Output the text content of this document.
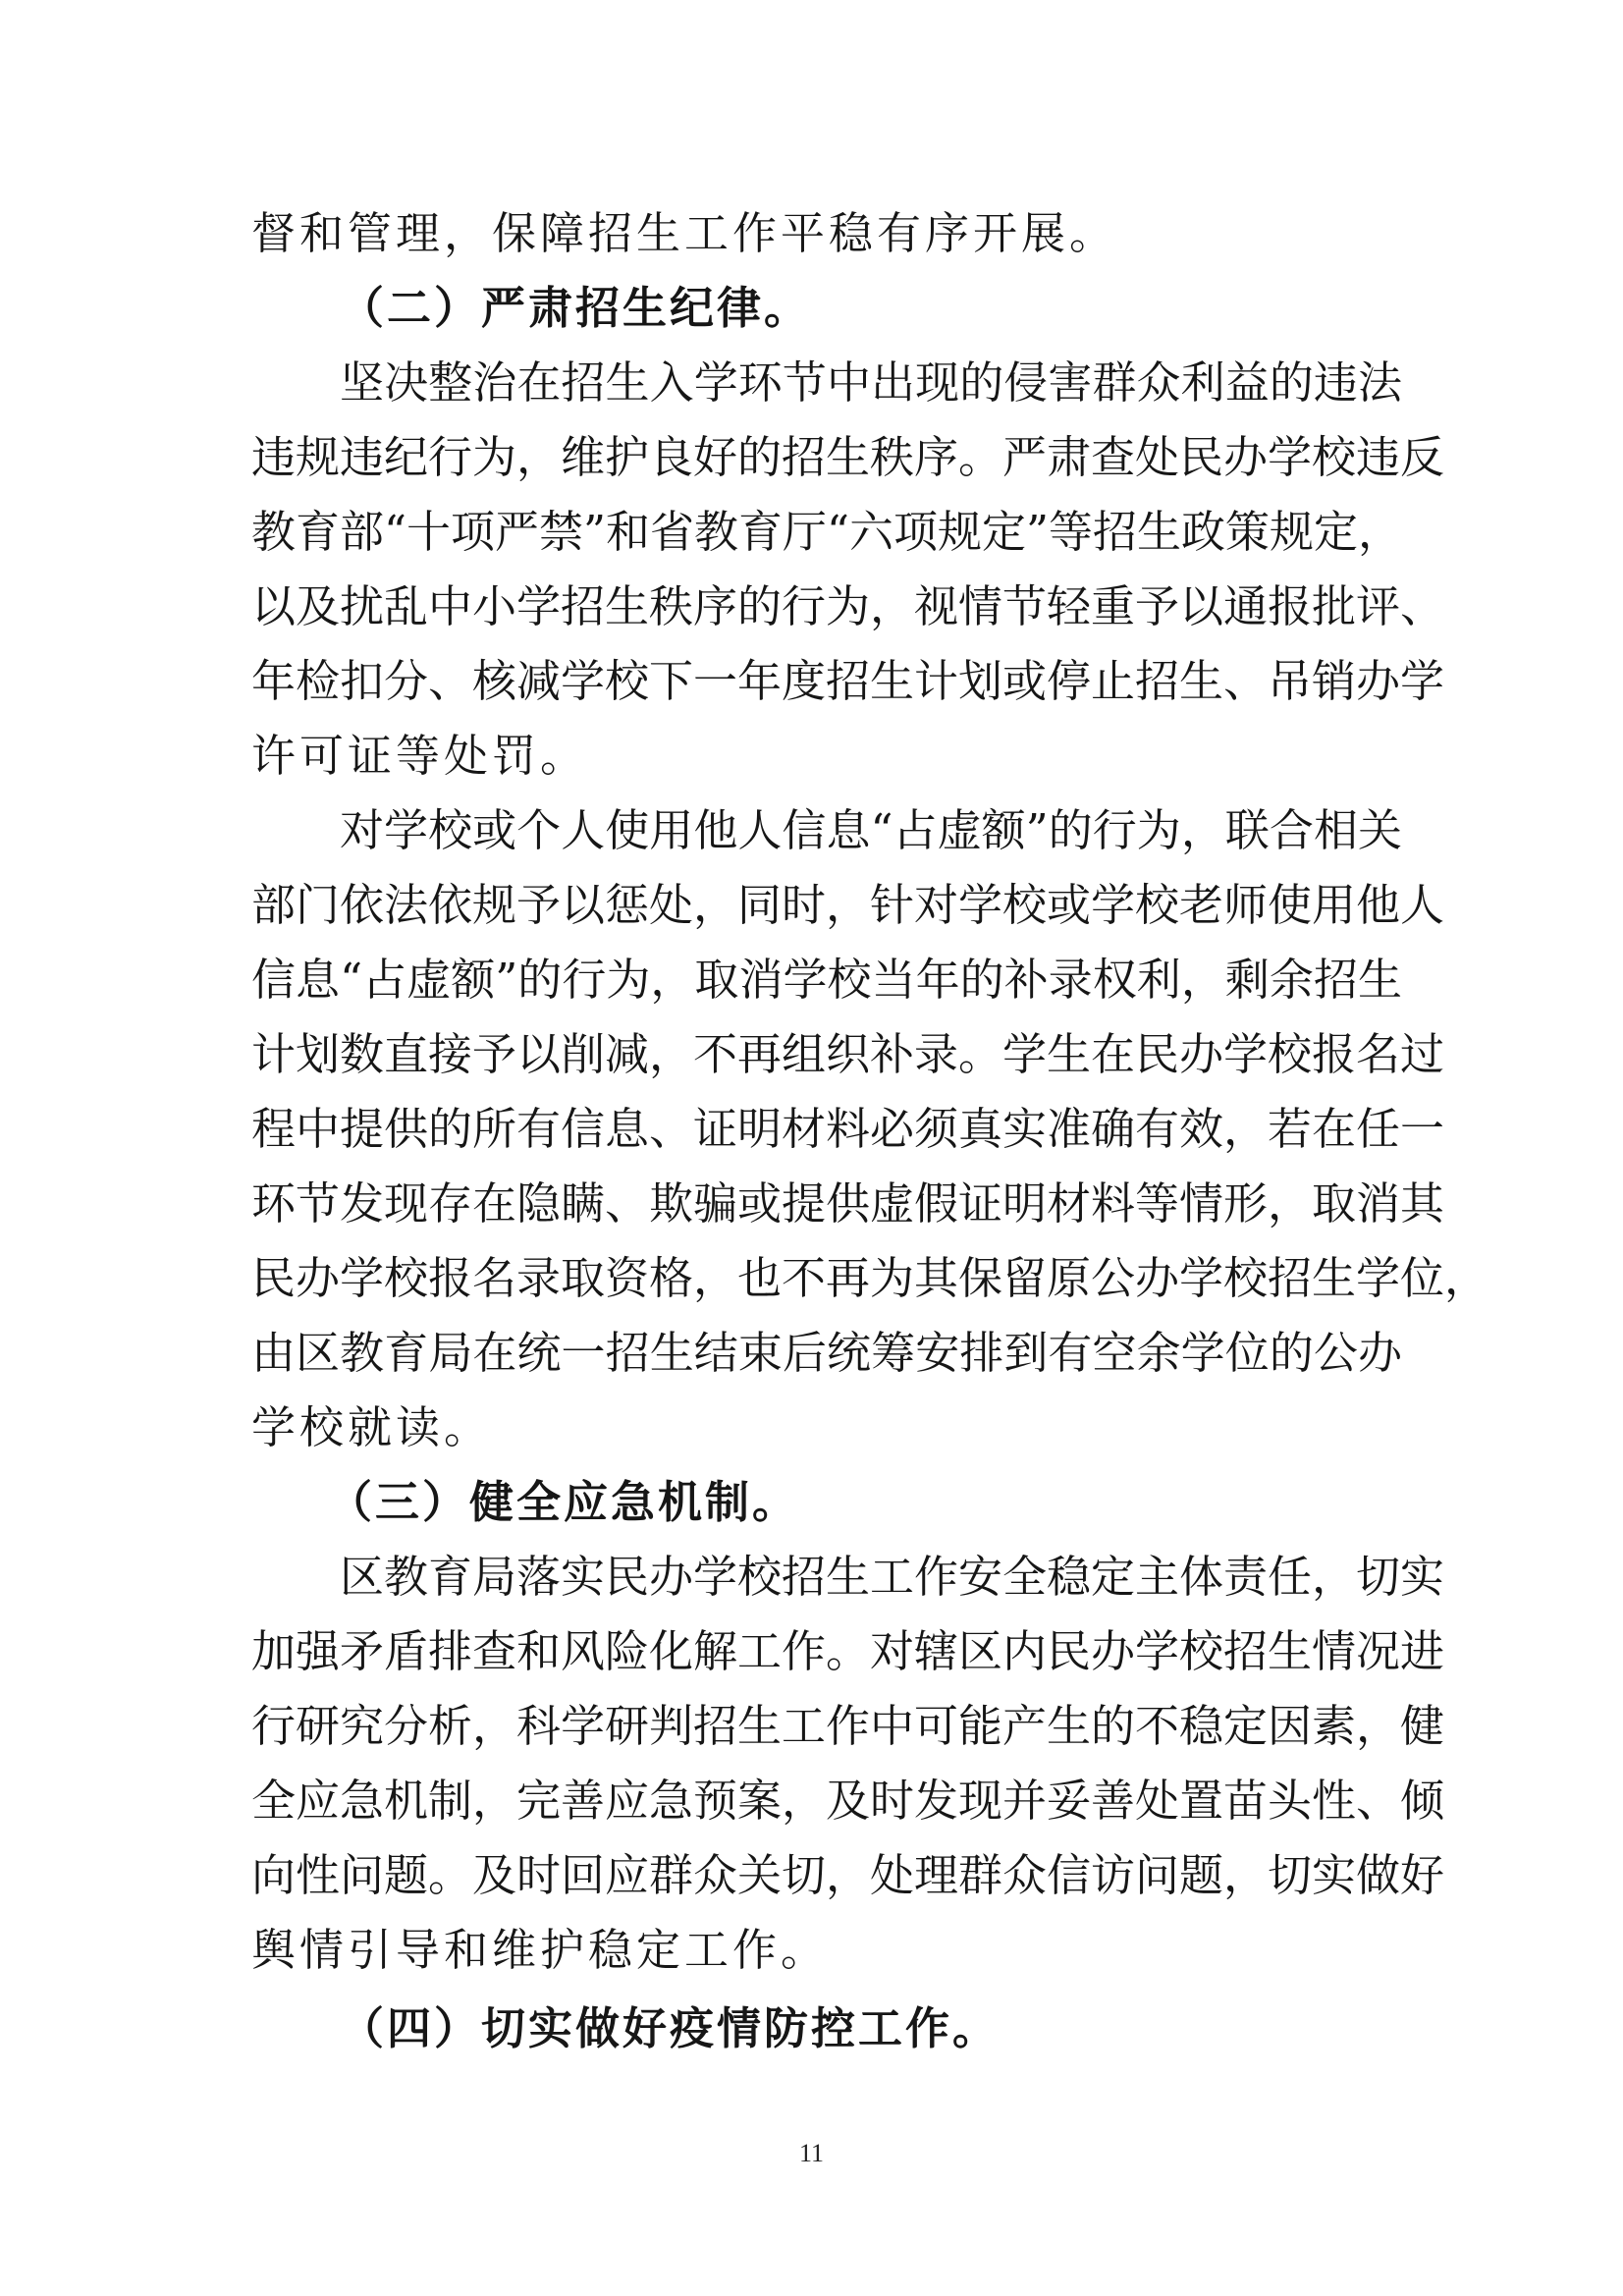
督和管理，保障招生工作平稳有序开展。
（二）严肃招生纪律。
坚决整治在招生入学环节中出现的侵害群众利益的违法
违规违纪行为，维护良好的招生秩序。严肃查处民办学校违反
教育部“十项严禁”和省教育厅“六项规定”等招生政策规定，
以及扰乱中小学招生秩序的行为，视情节轻重予以通报批评、
年检扣分、核减学校下一年度招生计划或停止招生、吊销办学
许可证等处罚。
对学校或个人使用他人信息“占虚额”的行为，联合相关
部门依法依规予以惩处，同时，针对学校或学校老师使用他人
信息“占虚额”的行为，取消学校当年的补录权利，剩余招生
计划数直接予以削减，不再组织补录。学生在民办学校报名过
程中提供的所有信息、证明材料必须真实准确有效，若在任一
环节发现存在隐瞒、欺骗或提供虚假证明材料等情形，取消其
民办学校报名录取资格，也不再为其保留原公办学校招生学位，
由区教育局在统一招生结束后统筹安排到有空余学位的公办
学校就读。
（三）健全应急机制。
区教育局落实民办学校招生工作安全稳定主体责任，切实
加强矛盾排查和风险化解工作。对辖区内民办学校招生情况进
行研究分析，科学研判招生工作中可能产生的不稳定因素，健
全应急机制，完善应急预案，及时发现并妥善处置苗头性、倾
向性问题。及时回应群众关切，处理群众信访问题，切实做好
舆情引导和维护稳定工作。
（四）切实做好疫情防控工作。
11
